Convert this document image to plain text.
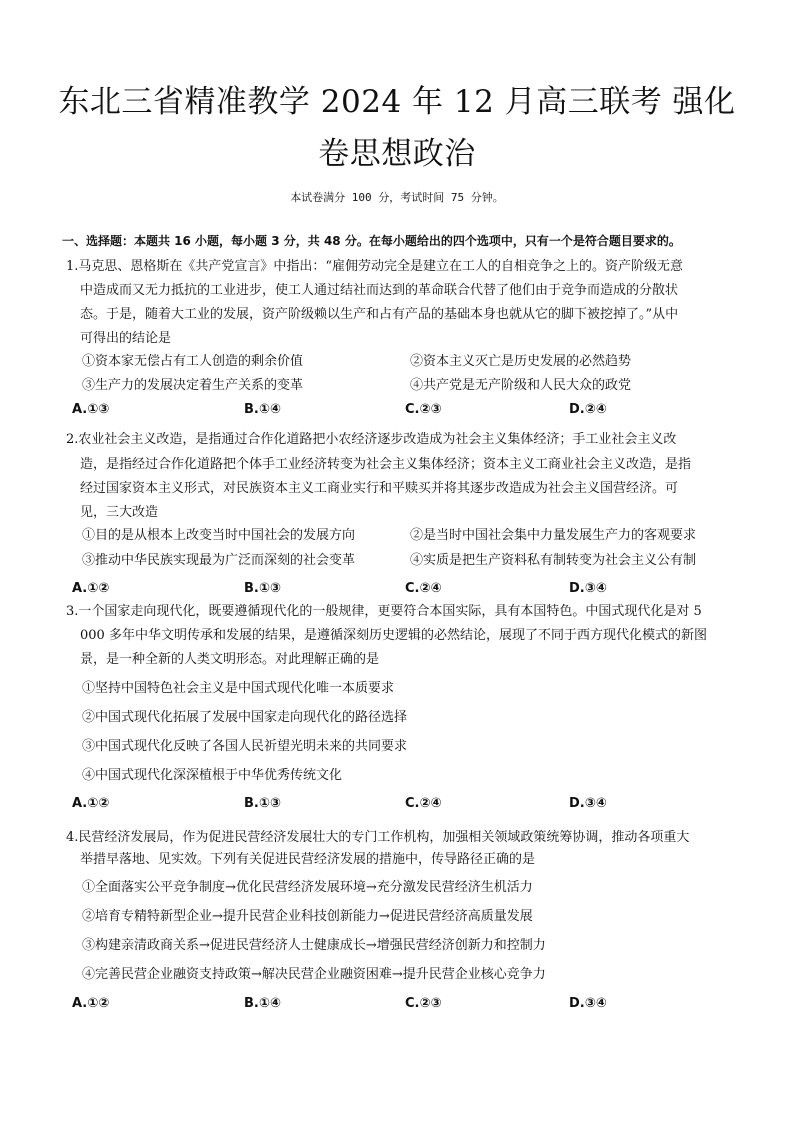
东北三省精准教学 2024 年 12 月高三联考 强化
卷思想政治
本试卷满分 100 分，考试时间 75 分钟。
一、选择题：本题共 16 小题，每小题 3 分，共 48 分。在每小题给出的四个选项中，只有一个是符合题目要求的。
1.马克思、恩格斯在《共产党宣言》中指出：“雇佣劳动完全是建立在工人的自相竞争之上的。资产阶级无意
中造成而又无力抵抗的工业进步，使工人通过结社而达到的革命联合代替了他们由于竞争而造成的分散状
态。于是，随着大工业的发展，资产阶级赖以生产和占有产品的基础本身也就从它的脚下被挖掉了。”从中
可得出的结论是
①资本家无偿占有工人创造的剩余价值	②资本主义灭亡是历史发展的必然趋势
③生产力的发展决定着生产关系的变革	④共产党是无产阶级和人民大众的政党
A.①③	B.①④	C.②③	D.②④
2.农业社会主义改造，是指通过合作化道路把小农经济逐步改造成为社会主义集体经济；手工业社会主义改
造，是指经过合作化道路把个体手工业经济转变为社会主义集体经济；资本主义工商业社会主义改造，是指
经过国家资本主义形式，对民族资本主义工商业实行和平赎买并将其逐步改造成为社会主义国营经济。可
见，三大改造
①目的是从根本上改变当时中国社会的发展方向	②是当时中国社会集中力量发展生产力的客观要求
③推动中华民族实现最为广泛而深刻的社会变革	④实质是把生产资料私有制转变为社会主义公有制
A.①②	B.①③	C.②④	D.③④
3.一个国家走向现代化，既要遵循现代化的一般规律，更要符合本国实际，具有本国特色。中国式现代化是对 5
000 多年中华文明传承和发展的结果，是遵循深刻历史逻辑的必然结论，展现了不同于西方现代化模式的新图
景，是一种全新的人类文明形态。对此理解正确的是
①坚持中国特色社会主义是中国式现代化唯一本质要求
②中国式现代化拓展了发展中国家走向现代化的路径选择
③中国式现代化反映了各国人民祈望光明未来的共同要求
④中国式现代化深深植根于中华优秀传统文化
A.①②	B.①③	C.②④	D.③④
4.民营经济发展局，作为促进民营经济发展壮大的专门工作机构，加强相关领域政策统筹协调，推动各项重大
举措早落地、见实效。下列有关促进民营经济发展的措施中，传导路径正确的是
①全面落实公平竞争制度→优化民营经济发展环境→充分激发民营经济生机活力
②培育专精特新型企业→提升民营企业科技创新能力→促进民营经济高质量发展
③构建亲清政商关系→促进民营经济人士健康成长→增强民营经济创新力和控制力
④完善民营企业融资支持政策→解决民营企业融资困难→提升民营企业核心竞争力
A.①②	B.①④	C.②③	D.③④
